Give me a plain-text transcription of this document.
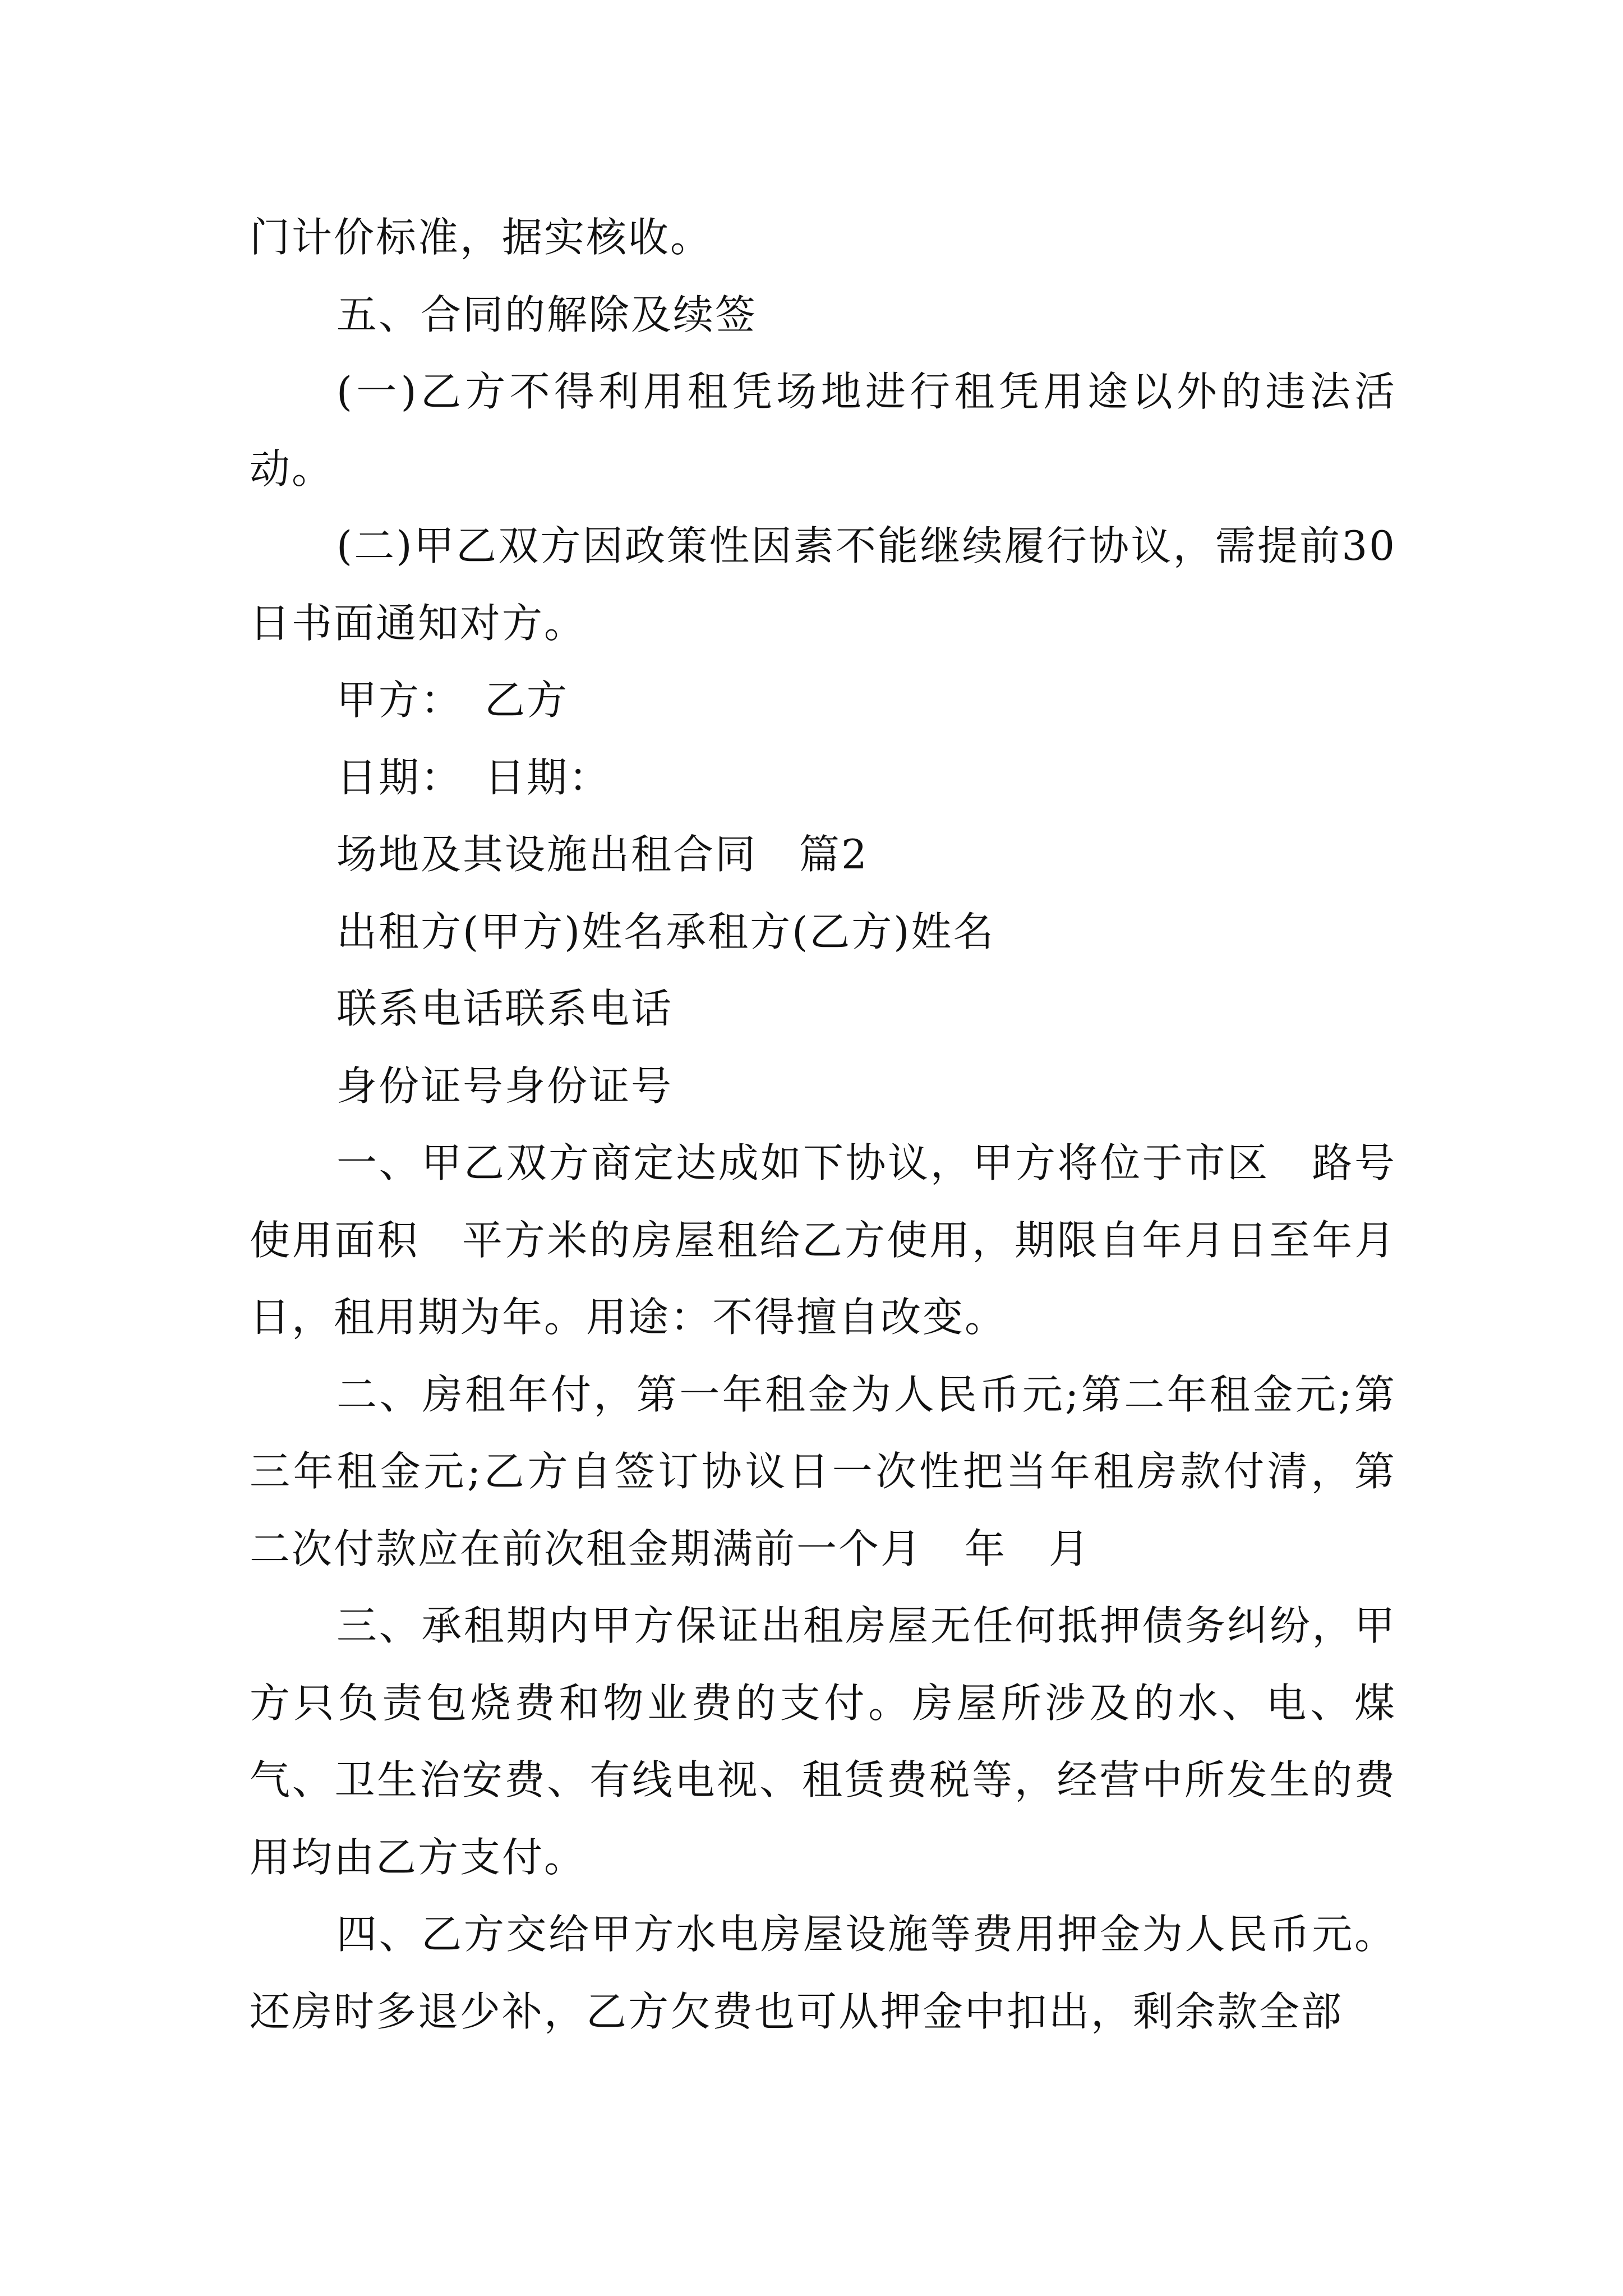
门计价标准，据实核收。

五、合同的解除及续签

(一)乙方不得利用租凭场地进行租凭用途以外的违法活动。

(二)甲乙双方因政策性因素不能继续履行协议，需提前30日书面通知对方。

甲方：　乙方

日期：　日期：

场地及其设施出租合同　篇2

出租方(甲方)姓名承租方(乙方)姓名

联系电话联系电话

身份证号身份证号

一、甲乙双方商定达成如下协议，甲方将位于市区　路号使用面积　平方米的房屋租给乙方使用，期限自年月日至年月日，租用期为年。用途：不得擅自改变。

二、房租年付，第一年租金为人民币元;第二年租金元;第三年租金元;乙方自签订协议日一次性把当年租房款付清，第二次付款应在前次租金期满前一个月　年　月

三、承租期内甲方保证出租房屋无任何抵押债务纠纷，甲方只负责包烧费和物业费的支付。房屋所涉及的水、电、煤气、卫生治安费、有线电视、租赁费税等，经营中所发生的费用均由乙方支付。

四、乙方交给甲方水电房屋设施等费用押金为人民币元。还房时多退少补，乙方欠费也可从押金中扣出，剩余款全部
